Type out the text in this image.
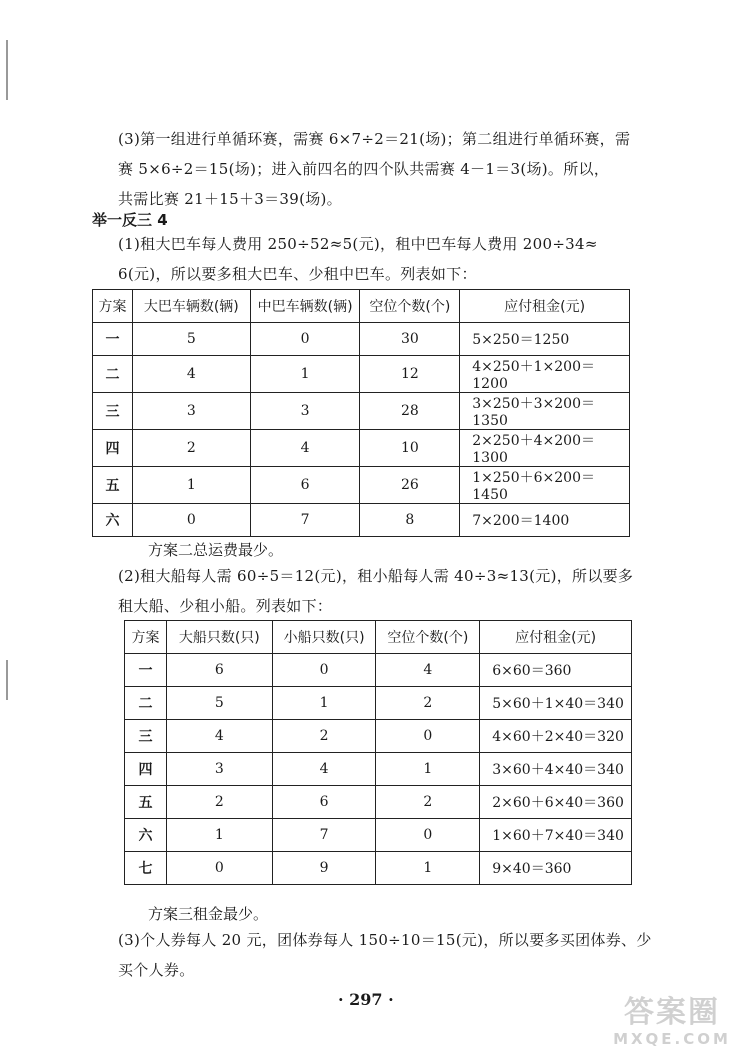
(3)第一组进行单循环赛，需赛 6×7÷2＝21(场)；第二组进行单循环赛，需
赛 5×6÷2＝15(场)；进入前四名的四个队共需赛 4－1＝3(场)。所以，
共需比赛 21＋15＋3＝39(场)。

举一反三 4

(1)租大巴车每人费用 250÷52≈5(元)，租中巴车每人费用 200÷34≈
6(元)，所以要多租大巴车、少租中巴车。列表如下：

方案	大巴车辆数(辆)	中巴车辆数(辆)	空位个数(个)	应付租金(元)
一	5	0	30	5×250＝1250
二	4	1	12	4×250＋1×200＝1200
三	3	3	28	3×250＋3×200＝1350
四	2	4	10	2×250＋4×200＝1300
五	1	6	26	1×250＋6×200＝1450
六	0	7	8	7×200＝1400
方案二总运费最少。

(2)租大船每人需 60÷5＝12(元)，租小船每人需 40÷3≈13(元)，所以要多
租大船、少租小船。列表如下：

方案	大船只数(只)	小船只数(只)	空位个数(个)	应付租金(元)
一	6	0	4	6×60＝360
二	5	1	2	5×60＋1×40＝340
三	4	2	0	4×60＋2×40＝320
四	3	4	1	3×60＋4×40＝340
五	2	6	2	2×60＋6×40＝360
六	1	7	0	1×60＋7×40＝340
七	0	9	1	9×40＝360
方案三租金最少。

(3)个人券每人 20 元，团体券每人 150÷10＝15(元)，所以要多买团体券、少
买个人券。

· 297 ·	答案圈
MXQE.COM
